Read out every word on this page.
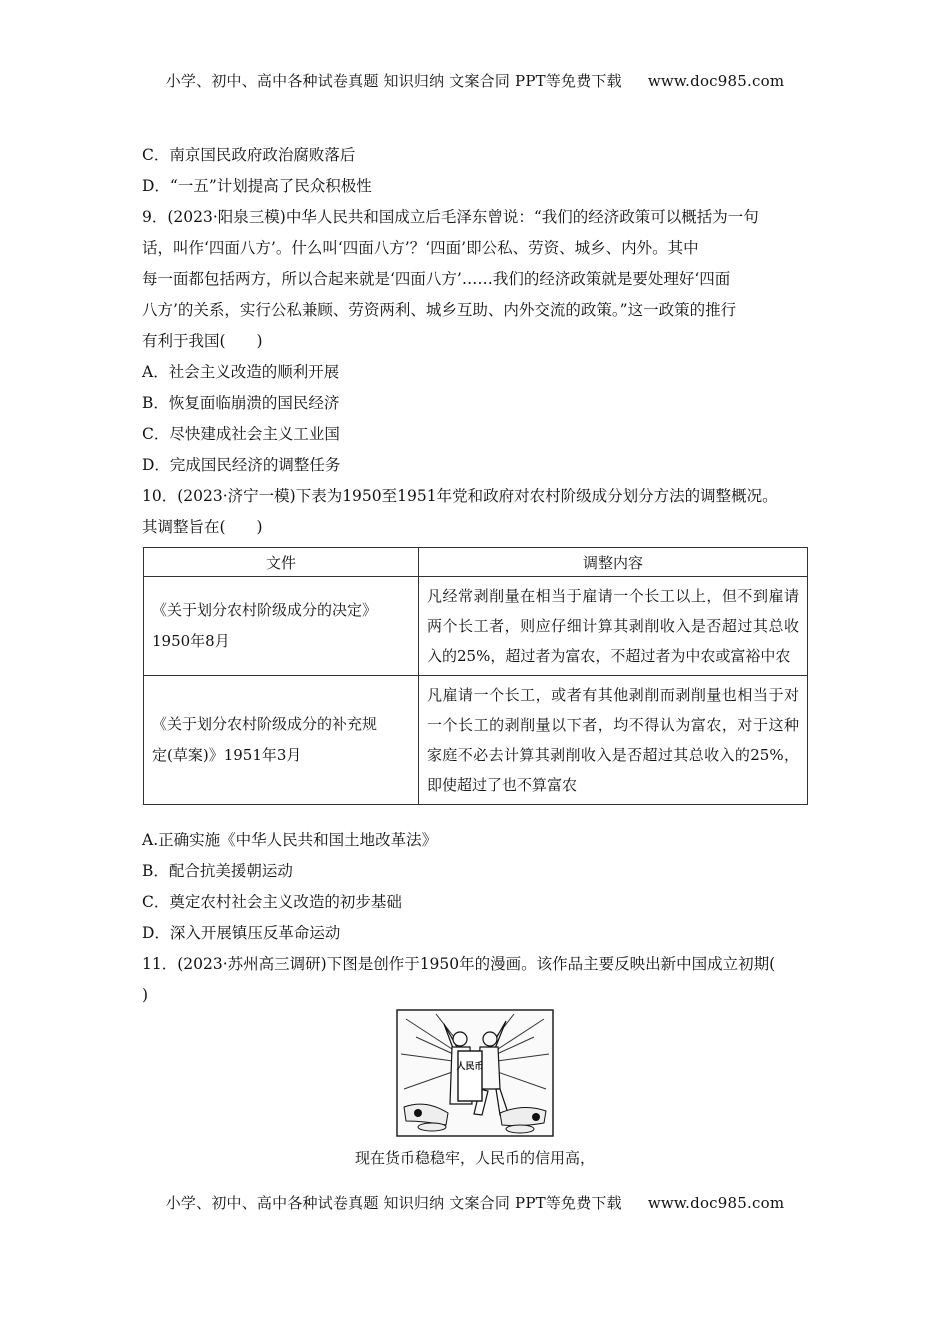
小学、初中、高中各种试卷真题 知识归纳 文案合同 PPT等免费下载 www.doc985.com
C．南京国民政府政治腐败落后
D．“一五”计划提高了民众积极性
9．(2023·阳泉三模)中华人民共和国成立后毛泽东曾说：“我们的经济政策可以概括为一句
话，叫作‘四面八方’。什么叫‘四面八方’？‘四面’即公私、劳资、城乡、内外。其中
每一面都包括两方，所以合起来就是‘四面八方’……我们的经济政策就是要处理好‘四面
八方’的关系，实行公私兼顾、劳资两利、城乡互助、内外交流的政策。”这一政策的推行
有利于我国(　　)
A．社会主义改造的顺利开展
B．恢复面临崩溃的国民经济
C．尽快建成社会主义工业国
D．完成国民经济的调整任务
10．(2023·济宁一模)下表为1950至1951年党和政府对农村阶级成分划分方法的调整概况。
其调整旨在(　　)
文件	调整内容

《关于划分农村阶级成分的决定》
1950年8月	凡经常剥削量在相当于雇请一个长工以上，但不到雇请两个长工者，则应仔细计算其剥削收入是否超过其总收入的25%，超过者为富农，不超过者为中农或富裕中农

《关于划分农村阶级成分的补充规
定(草案)》1951年3月	凡雇请一个长工，或者有其他剥削而剥削量也相当于对一个长工的剥削量以下者，均不得认为富农，对于这种家庭不必去计算其剥削收入是否超过其总收入的25%，即使超过了也不算富农
A.正确实施《中华人民共和国土地改革法》
B．配合抗美援朝运动
C．奠定农村社会主义改造的初步基础
D．深入开展镇压反革命运动
11．(2023·苏州高三调研)下图是创作于1950年的漫画。该作品主要反映出新中国成立初期(
)
人民币
现在货币稳稳牢，人民币的信用高，
小学、初中、高中各种试卷真题 知识归纳 文案合同 PPT等免费下载 www.doc985.com
